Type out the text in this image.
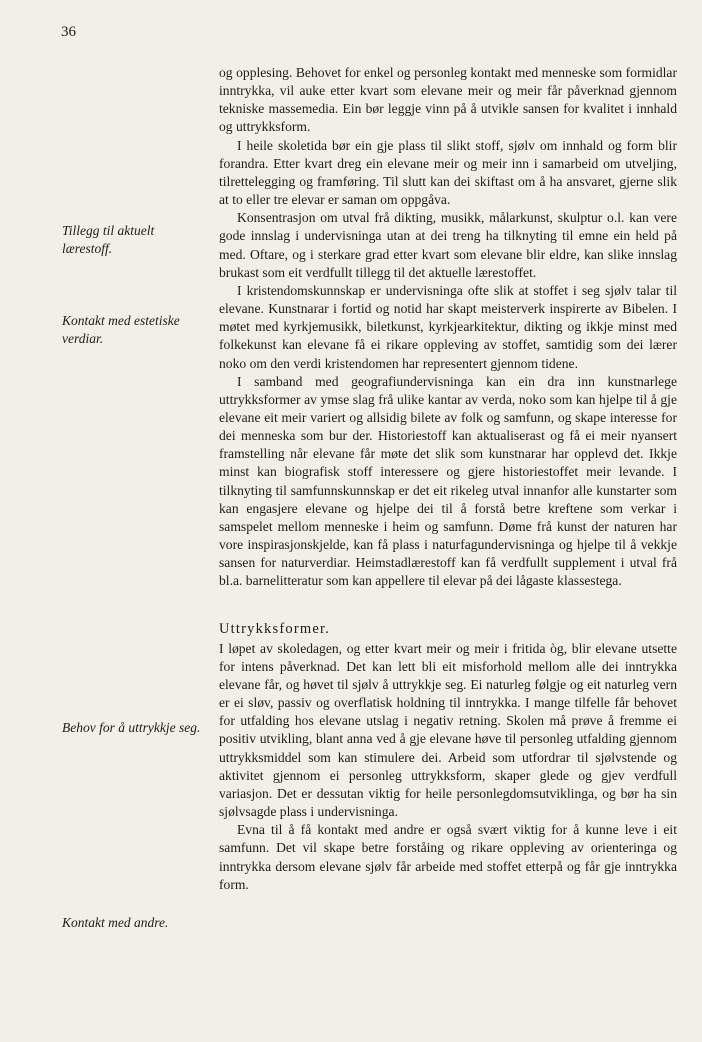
36
Tillegg til aktuelt lærestoff.
Kontakt med estetiske verdiar.
Behov for å uttrykkje seg.
Kontakt med andre.

og opplesing. Behovet for enkel og personleg kontakt med menneske som formidlar inntrykka, vil auke etter kvart som elevane meir og meir får påverknad gjennom tekniske massemedia. Ein bør leggje vinn på å utvikle sansen for kvalitet i innhald og uttrykksform.

I heile skoletida bør ein gje plass til slikt stoff, sjølv om innhald og form blir forandra. Etter kvart dreg ein elevane meir og meir inn i samarbeid om utveljing, tilrettelegging og framføring. Til slutt kan dei skiftast om å ha ansvaret, gjerne slik at to eller tre elevar er saman om oppgåva.

Konsentrasjon om utval frå dikting, musikk, målarkunst, skulptur o.l. kan vere gode innslag i undervisninga utan at dei treng ha tilknyting til emne ein held på med. Oftare, og i sterkare grad etter kvart som elevane blir eldre, kan slike innslag brukast som eit verdfullt tillegg til det aktuelle lærestoffet.

I kristendomskunnskap er undervisninga ofte slik at stoffet i seg sjølv talar til elevane. Kunstnarar i fortid og notid har skapt meisterverk inspirerte av Bibelen. I møtet med kyrkjemusikk, biletkunst, kyrkjearkitektur, dikting og ikkje minst med folkekunst kan elevane få ei rikare oppleving av stoffet, samtidig som dei lærer noko om den verdi kristendomen har representert gjennom tidene.

I samband med geografiundervisninga kan ein dra inn kunstnarlege uttrykksformer av ymse slag frå ulike kantar av verda, noko som kan hjelpe til å gje elevane eit meir variert og allsidig bilete av folk og samfunn, og skape interesse for dei menneska som bur der. Historiestoff kan aktualiserast og få ei meir nyansert framstelling når elevane får møte det slik som kunstnarar har opplevd det. Ikkje minst kan biografisk stoff interessere og gjere historiestoffet meir levande. I tilknyting til samfunnskunnskap er det eit rikeleg utval innanfor alle kunstarter som kan engasjere elevane og hjelpe dei til å forstå betre kreftene som verkar i samspelet mellom menneske i heim og samfunn. Døme frå kunst der naturen har vore inspirasjonskjelde, kan få plass i naturfagundervisninga og hjelpe til å vekkje sansen for naturverdiar. Heimstadlærestoff kan få verdfullt supplement i utval frå bl.a. barnelitteratur som kan appellere til elevar på dei lågaste klassestega.

Uttrykksformer.

I løpet av skoledagen, og etter kvart meir og meir i fritida òg, blir elevane utsette for intens påverknad. Det kan lett bli eit misforhold mellom alle dei inntrykka elevane får, og høvet til sjølv å uttrykkje seg. Ei naturleg følgje og eit naturleg vern er ei sløv, passiv og overflatisk holdning til inntrykka. I mange tilfelle får behovet for utfalding hos elevane utslag i negativ retning. Skolen må prøve å fremme ei positiv utvikling, blant anna ved å gje elevane høve til personleg utfalding gjennom uttrykksmiddel som kan stimulere dei. Arbeid som utfordrar til sjølvstende og aktivitet gjennom ei personleg uttrykksform, skaper glede og gjev verdfull variasjon. Det er dessutan viktig for heile personlegdomsutviklinga, og bør ha sin sjølvsagde plass i undervisninga.

Evna til å få kontakt med andre er også svært viktig for å kunne leve i eit samfunn. Det vil skape betre forståing og rikare oppleving av orienteringa og inntrykka dersom elevane sjølv får arbeide med stoffet etterpå og får gje inntrykka form.
